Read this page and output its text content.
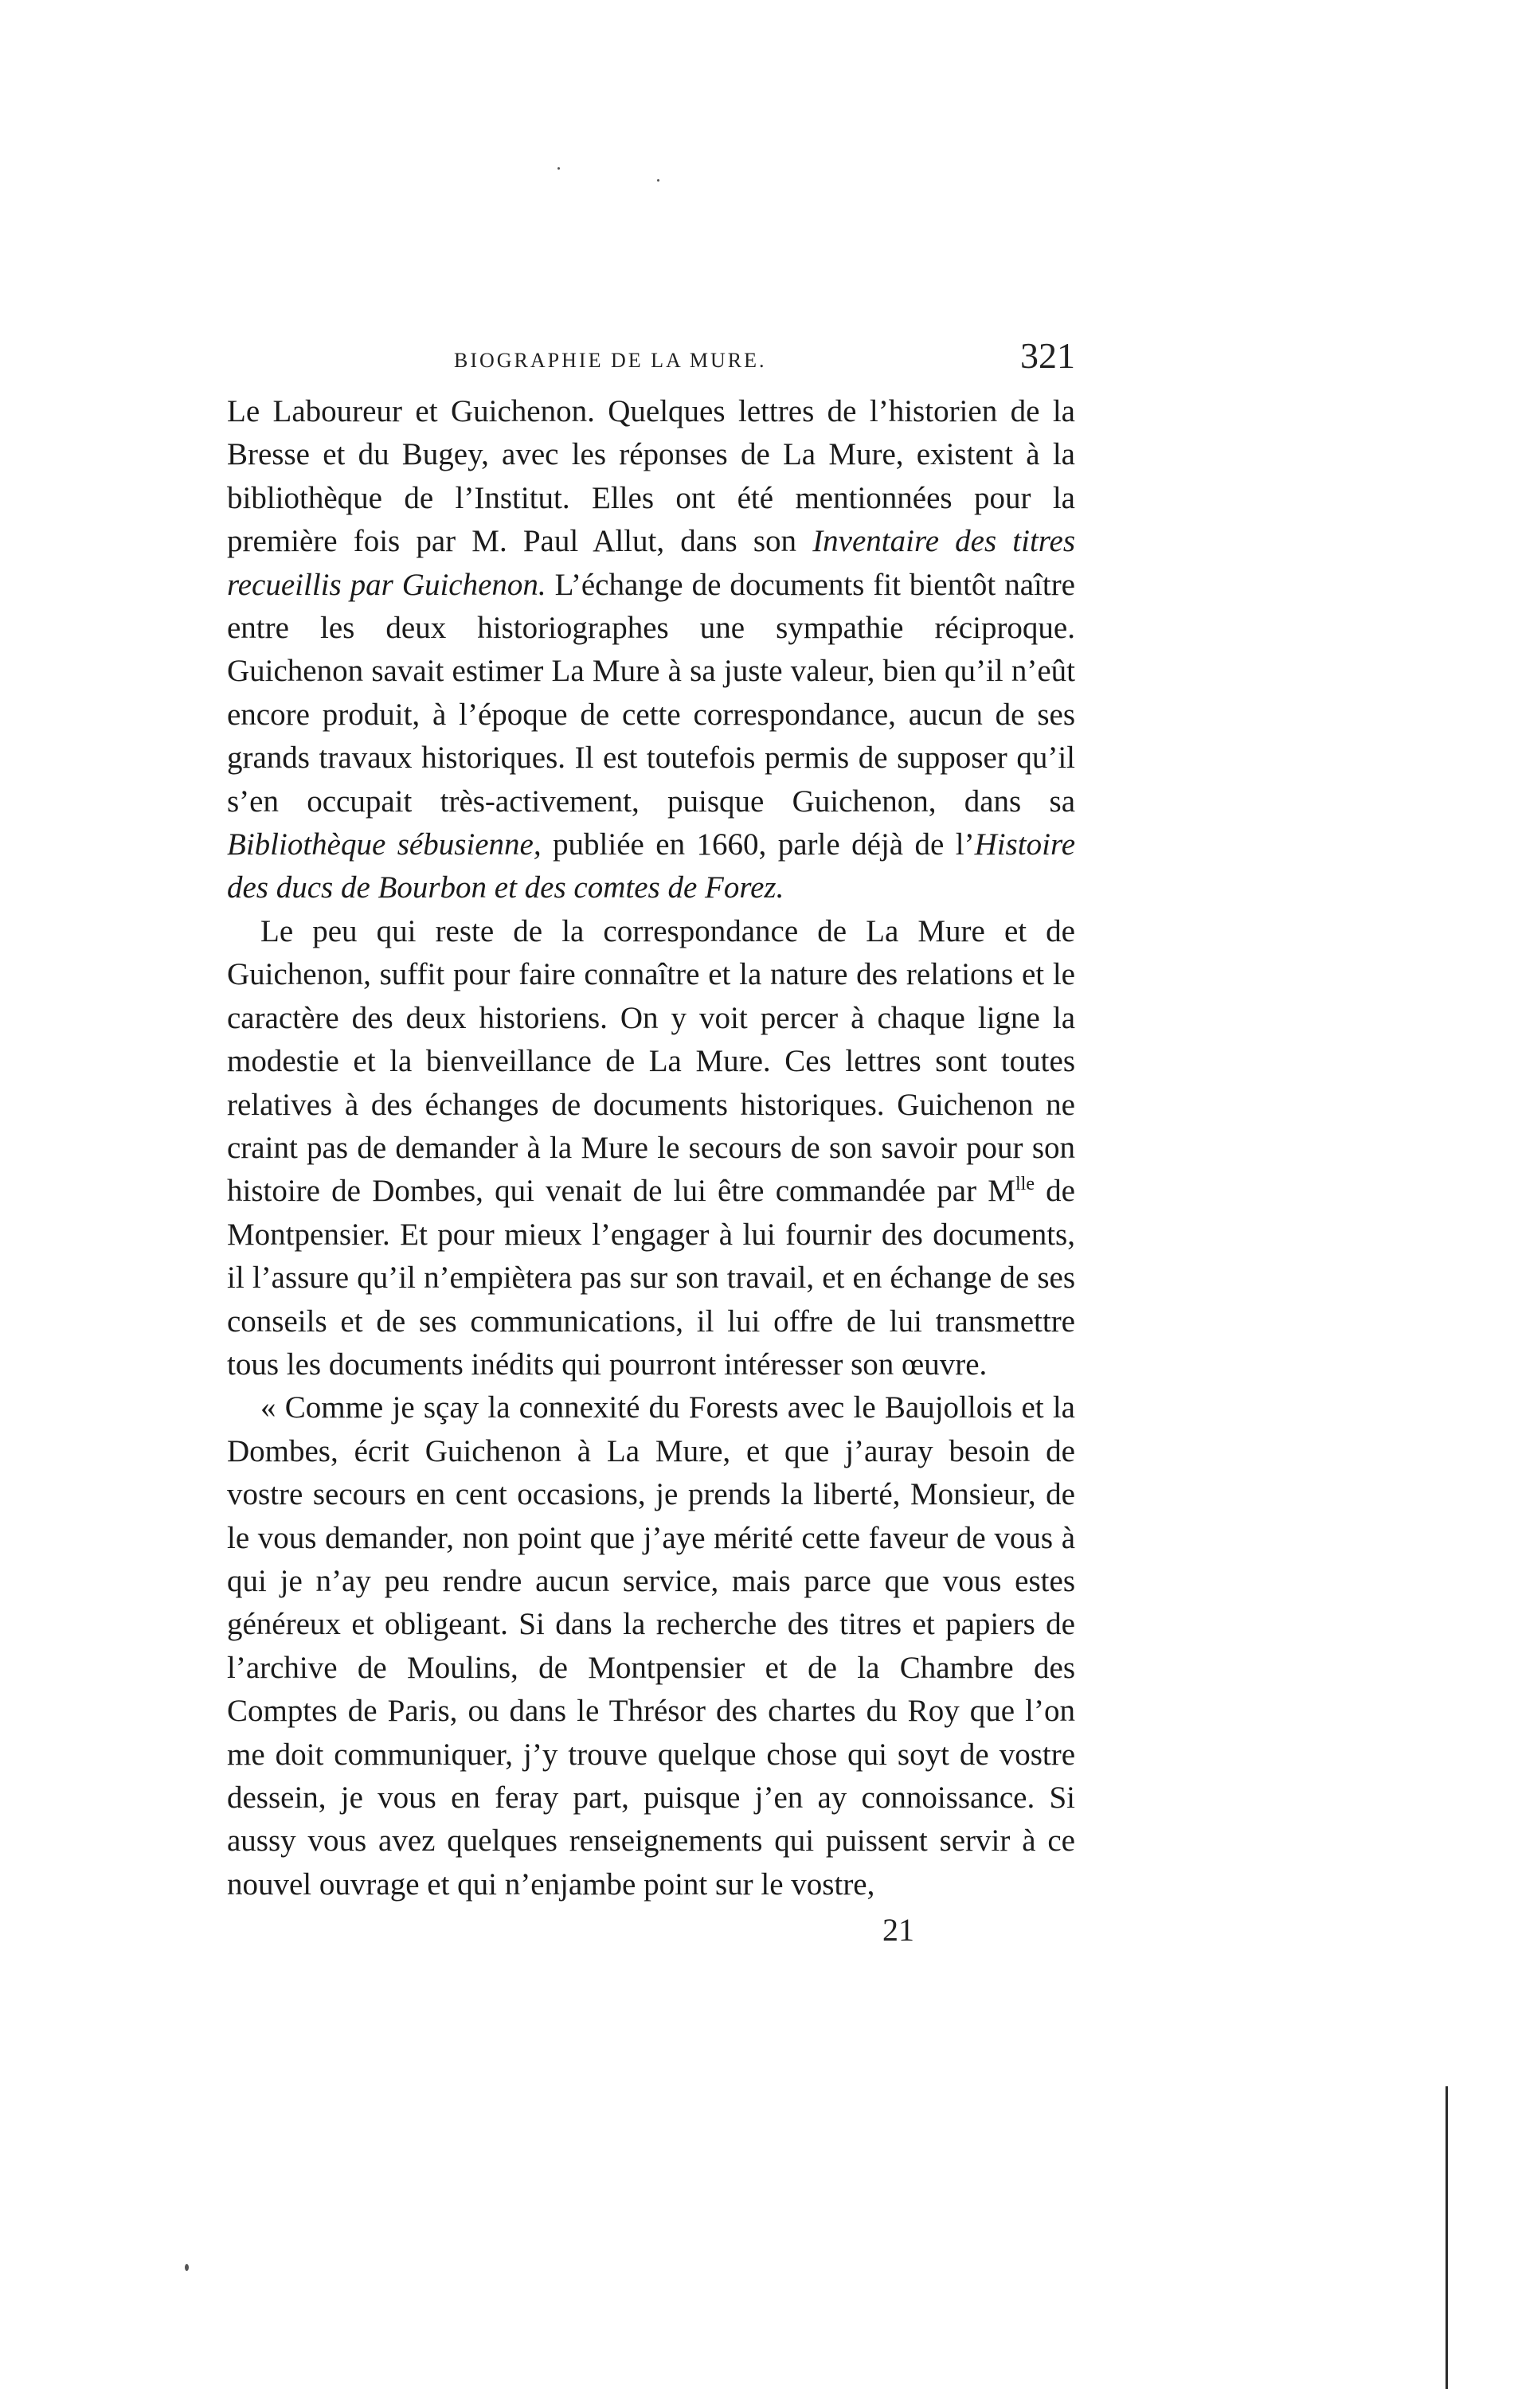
BIOGRAPHIE DE LA MURE.	321

Le Laboureur et Guichenon. Quelques lettres de l’historien de la Bresse et du Bugey, avec les réponses de La Mure, existent à la bibliothèque de l’Institut. Elles ont été mentionnées pour la première fois par M. Paul Allut, dans son Inventaire des titres recueillis par Guichenon. L’échange de documents fit bientôt naître entre les deux historiographes une sympathie réciproque. Guichenon savait estimer La Mure à sa juste valeur, bien qu’il n’eût encore produit, à l’époque de cette correspondance, aucun de ses grands travaux historiques. Il est toutefois permis de supposer qu’il s’en occupait très-activement, puisque Guichenon, dans sa Bibliothèque sébusienne, publiée en 1660, parle déjà de l’Histoire des ducs de Bourbon et des comtes de Forez.

Le peu qui reste de la correspondance de La Mure et de Guichenon, suffit pour faire connaître et la nature des relations et le caractère des deux historiens. On y voit percer à chaque ligne la modestie et la bienveillance de La Mure. Ces lettres sont toutes relatives à des échanges de documents historiques. Guichenon ne craint pas de demander à la Mure le secours de son savoir pour son histoire de Dombes, qui venait de lui être commandée par $M^{lle}$ de Montpensier. Et pour mieux l’engager à lui fournir des documents, il l’assure qu’il n’empiètera pas sur son travail, et en échange de ses conseils et de ses communications, il lui offre de lui transmettre tous les documents inédits qui pourront intéresser son œuvre.

« Comme je sçay la connexité du Forests avec le Baujollois et la Dombes, écrit Guichenon à La Mure, et que j’auray besoin de vostre secours en cent occasions, je prends la liberté, Monsieur, de le vous demander, non point que j’aye mérité cette faveur de vous à qui je n’ay peu rendre aucun service, mais parce que vous estes généreux et obligeant. Si dans la recherche des titres et papiers de l’archive de Moulins, de Montpensier et de la Chambre des Comptes de Paris, ou dans le Thrésor des chartes du Roy que l’on me doit communiquer, j’y trouve quelque chose qui soyt de vostre dessein, je vous en feray part, puisque j’en ay connoissance. Si aussy vous avez quelques renseignements qui puissent servir à ce nouvel ouvrage et qui n’enjambe point sur le vostre,

21
